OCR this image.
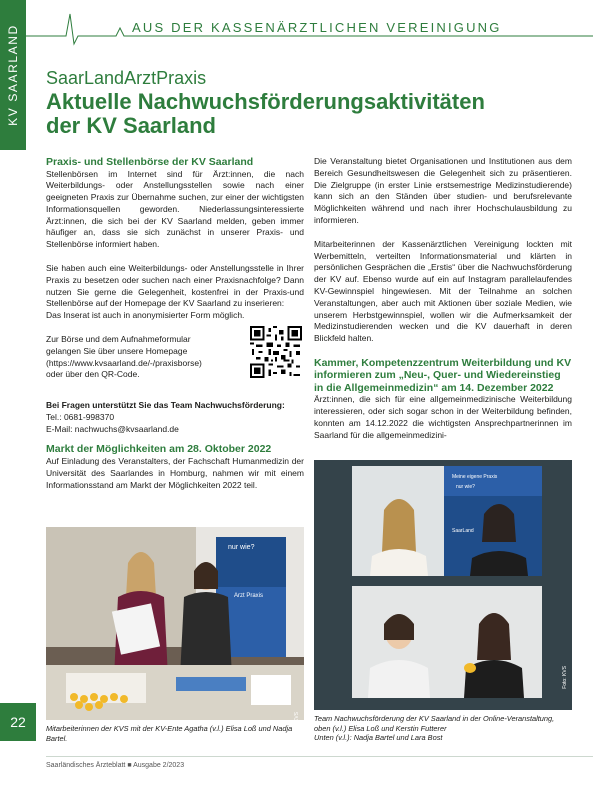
KV SAARLAND	AUS DER KASSENÄRZTLICHEN VEREINIGUNG
SaarLandArztPraxis
Aktuelle Nachwuchsförderungsaktivitäten
der KV Saarland

Praxis- und Stellenbörse der KV Saarland

Stellenbörsen im Internet sind für Ärzt:innen, die nach Weiterbildungs- oder Anstellungsstellen sowie nach einer geeigneten Praxis zur Übernahme suchen, zur einer der wichtigsten Informationsquellen geworden. Niederlassungsinteressierte Ärzt:innen, die sich bei der KV Saarland melden, geben immer häufiger an, dass sie sich zunächst in unserer Praxis- und Stellenbörse informiert haben.

Sie haben auch eine Weiterbildungs- oder Anstellungsstelle in Ihrer Praxis zu besetzen oder suchen nach einer Praxisnachfolge? Dann nutzen Sie gerne die Gelegenheit, kostenfrei in der Praxis-und Stellenbörse auf der Homepage der KV Saarland zu inserieren:

Das Inserat ist auch in anonymisierter Form möglich.

Zur Börse und dem Aufnahmeformular
gelangen Sie über unsere Homepage
(https://www.kvsaarland.de/-/praxisborse)
oder über den QR-Code.

Bei Fragen unterstützt Sie das Team Nachwuchsförderung:

Tel.: 0681-998370

E-Mail: nachwuchs@kvsaarland.de

Markt der Möglichkeiten am 28. Oktober 2022

Auf Einladung des Veranstalters, der Fachschaft Humanmedizin der Universität des Saarlandes in Homburg, nahmen wir mit einem Informationsstand am Markt der Möglichkeiten 2022 teil.

nur wie?
Arzt Praxis
Foto: KVS

Mitarbeiterinnen der KVS mit der KV-Ente Agatha (v.l.) Elisa Loß und Nadja Bartel.

Die Veranstaltung bietet Organisationen und Institutionen aus dem Bereich Gesundheitswesen die Gelegenheit sich zu präsentieren. Die Zielgruppe (in erster Linie erstsemestrige Medizinstudierende) kann sich an den Ständen über studien- und berufsrelevante Möglichkeiten während und nach ihrer Hochschulausbildung zu informieren.

Mitarbeiterinnen der Kassenärztlichen Vereinigung lockten mit Werbemitteln, verteilten Informationsmaterial und klärten in persönlichen Gesprächen die „Erstis“ über die Nachwuchsförderung der KV auf. Ebenso wurde auf ein auf Instagram parallelaufendes KV-Gewinnspiel hingewiesen. Mit der Teilnahme an solchen Veranstaltungen, aber auch mit Aktionen über soziale Medien, wie unserem Herbstgewinnspiel, wollen wir die Aufmerksamkeit der Medizinstudierenden wecken und die KV dauerhaft in deren Blickfeld halten.

Kammer, Kompetenzzentrum Weiterbildung und KV
informieren zum „Neu-, Quer- und Wiedereinstieg
in die Allgemeinmedizin“ am 14. Dezember 2022

Ärzt:innen, die sich für eine allgemeinmedizinische Weiterbildung interessieren, oder sich sogar schon in der Weiterbildung befinden, konnten am 14.12.2022 die wichtigsten Ansprechpartnerinnen im Saarland für die allgemeinmedizini-

Meine eigene Praxis
nur wie?
SaarLand
Foto: KVS

Team Nachwuchsförderung der KV Saarland in der Online-Veranstaltung,

oben (v.l.) Elisa Loß und Kerstin Futterer

Unten (v.l.): Nadja Bartel und Lara Bost

22
Saarländisches Ärzteblatt ■ Ausgabe 2/2023
